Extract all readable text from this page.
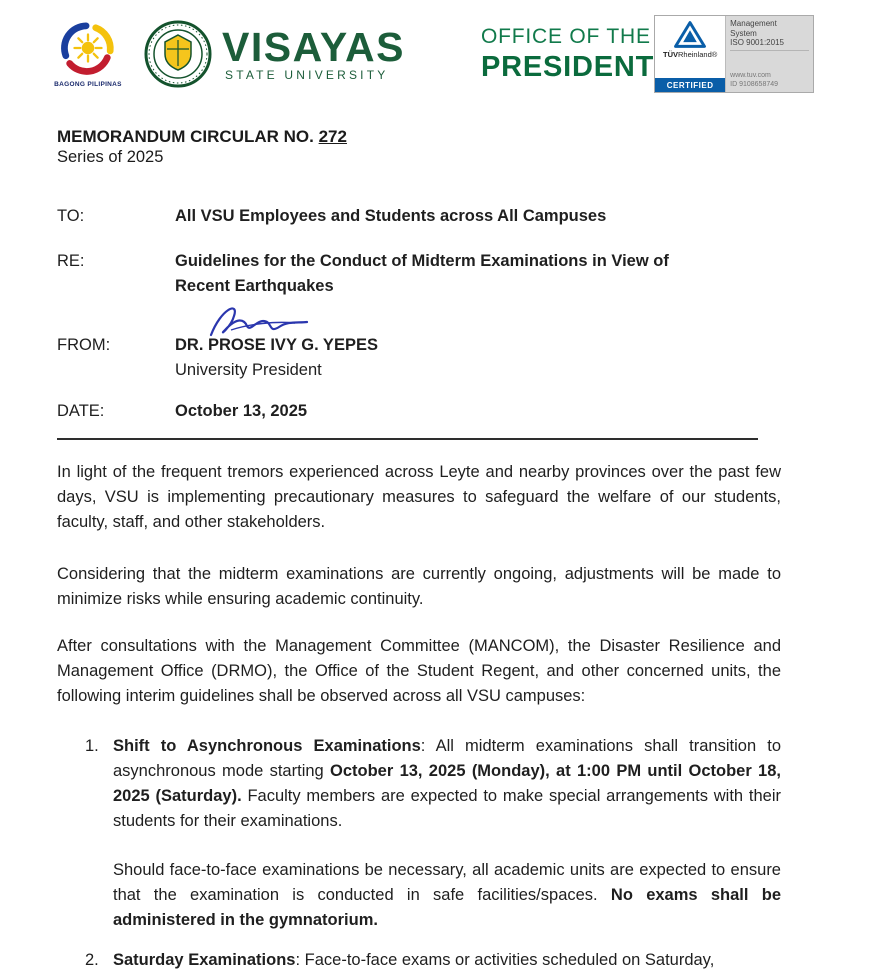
BAGONG PILIPINAS
VISAYAS
STATE UNIVERSITY
OFFICE OF THE
PRESIDENT TÜVRheinland®
CERTIFIED
Management
System
ISO 9001:2015
www.tuv.com
ID 9108658749
MEMORANDUM CIRCULAR NO. 272
Series of 2025
TO:	All VSU Employees and Students across All Campuses
RE:	Guidelines for the Conduct of Midterm Examinations in View of
Recent Earthquakes
FROM:	DR. PROSE IVY G. YEPES
University President
DATE:	October 13, 2025

In light of the frequent tremors experienced across Leyte and nearby provinces over the past few days, VSU is implementing precautionary measures to safeguard the welfare of our students, faculty, staff, and other stakeholders.

Considering that the midterm examinations are currently ongoing, adjustments will be made to minimize risks while ensuring academic continuity.

After consultations with the Management Committee (MANCOM), the Disaster Resilience and Management Office (DRMO), the Office of the Student Regent, and other concerned units, the following interim guidelines shall be observed across all VSU campuses:

1. Shift to Asynchronous Examinations: All midterm examinations shall transition to asynchronous mode starting October 13, 2025 (Monday), at 1:00 PM until October 18, 2025 (Saturday). Faculty members are expected to make special arrangements with their students for their examinations.
Should face-to-face examinations be necessary, all academic units are expected to ensure that the examination is conducted in safe facilities/spaces. No exams shall be administered in the gymnatorium.
2. Saturday Examinations: Face-to-face exams or activities scheduled on Saturday,
